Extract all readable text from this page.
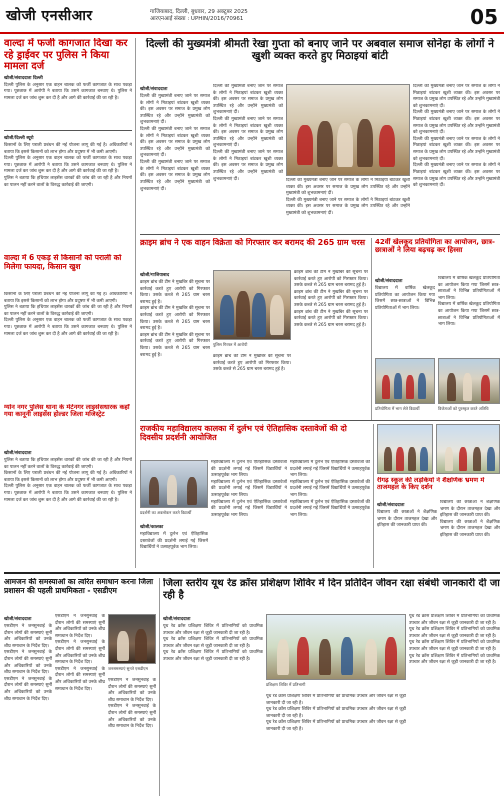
खोजी एनसीआर	गाजियाबाद, दिल्ली, बुधवार, 29 अक्टूबर 2025
आरएनआई संख्या : UPHIN/2016/70961	05
वाल्दा में फर्जी कागजात दिखा कर रहे ड्राईवर पर पुलिस ने किया मामला दर्ज
खोजी/संवाददाता दिल्ली
दिल्ली पुलिस के अनुसार एक वाहन चालक को फर्जी कागजात के साथ पकड़ा गया। पूछताछ में आरोपी ने बताया कि उसने कागजात बनवाए थे। पुलिस ने मामला दर्ज कर जांच शुरू कर दी है और आगे की कार्रवाई की जा रही है।
खोजी/दिल्ली ब्यूरो
किसानों के लिए पराली प्रबंधन की नई योजना लागू की गई है। अधिकारियों ने बताया कि इससे किसानों को लाभ होगा और प्रदूषण में भी कमी आएगी।
दिल्ली पुलिस के अनुसार एक वाहन चालक को फर्जी कागजात के साथ पकड़ा गया। पूछताछ में आरोपी ने बताया कि उसने कागजात बनवाए थे। पुलिस ने मामला दर्ज कर जांच शुरू कर दी है और आगे की कार्रवाई की जा रही है।
पुलिस ने बताया कि हथियार लाइसेंस धारकों की जांच की जा रही है और नियमों का पालन नहीं करने वालों के विरुद्ध कार्रवाई की जाएगी।
वाल्दा में 6 एकड़ से किसानों को पराली को मिलेगा फायदा, किसान खुश
किसानों के लिए पराली प्रबंधन की नई योजना लागू की गई है। अधिकारियों ने बताया कि इससे किसानों को लाभ होगा और प्रदूषण में भी कमी आएगी।
पुलिस ने बताया कि हथियार लाइसेंस धारकों की जांच की जा रही है और नियमों का पालन नहीं करने वालों के विरुद्ध कार्रवाई की जाएगी।
दिल्ली पुलिस के अनुसार एक वाहन चालक को फर्जी कागजात के साथ पकड़ा गया। पूछताछ में आरोपी ने बताया कि उसने कागजात बनवाए थे। पुलिस ने मामला दर्ज कर जांच शुरू कर दी है और आगे की कार्रवाई की जा रही है।
ग्योन नगर पुलिस थाना के मेटेनगर लाइसेंसधारक कहाँ गया कानूनी लाइसेंस होल्डर जिला मजिस्ट्रेट
खोजी/संवाददाता
पुलिस ने बताया कि हथियार लाइसेंस धारकों की जांच की जा रही है और नियमों का पालन नहीं करने वालों के विरुद्ध कार्रवाई की जाएगी।
किसानों के लिए पराली प्रबंधन की नई योजना लागू की गई है। अधिकारियों ने बताया कि इससे किसानों को लाभ होगा और प्रदूषण में भी कमी आएगी।
दिल्ली पुलिस के अनुसार एक वाहन चालक को फर्जी कागजात के साथ पकड़ा गया। पूछताछ में आरोपी ने बताया कि उसने कागजात बनवाए थे। पुलिस ने मामला दर्ज कर जांच शुरू कर दी है और आगे की कार्रवाई की जा रही है।
दिल्ली की मुख्यमंत्री श्रीमती रेखा गुप्ता को बनाए जाने पर अबवाल समाज सोनेहा के लोगों ने खुशी व्यक्त करते हुए मिठाइयां बांटी
खोजी/संवाददाता
दिल्ली की मुख्यमंत्री बनाए जाने पर समाज के लोगों ने मिठाइयां बांटकर खुशी व्यक्त की। इस अवसर पर समाज के प्रमुख लोग उपस्थित रहे और उन्होंने मुख्यमंत्री को शुभकामनाएं दीं।
दिल्ली की मुख्यमंत्री बनाए जाने पर समाज के लोगों ने मिठाइयां बांटकर खुशी व्यक्त की। इस अवसर पर समाज के प्रमुख लोग उपस्थित रहे और उन्होंने मुख्यमंत्री को शुभकामनाएं दीं।
दिल्ली की मुख्यमंत्री बनाए जाने पर समाज के लोगों ने मिठाइयां बांटकर खुशी व्यक्त की। इस अवसर पर समाज के प्रमुख लोग उपस्थित रहे और उन्होंने मुख्यमंत्री को शुभकामनाएं दीं।
दिल्ली की मुख्यमंत्री बनाए जाने पर समाज के लोगों ने मिठाइयां बांटकर खुशी व्यक्त की। इस अवसर पर समाज के प्रमुख लोग उपस्थित रहे और उन्होंने मुख्यमंत्री को शुभकामनाएं दीं।
दिल्ली की मुख्यमंत्री बनाए जाने पर समाज के लोगों ने मिठाइयां बांटकर खुशी व्यक्त की। इस अवसर पर समाज के प्रमुख लोग उपस्थित रहे और उन्होंने मुख्यमंत्री को शुभकामनाएं दीं।
दिल्ली की मुख्यमंत्री बनाए जाने पर समाज के लोगों ने मिठाइयां बांटकर खुशी व्यक्त की। इस अवसर पर समाज के प्रमुख लोग उपस्थित रहे और उन्होंने मुख्यमंत्री को शुभकामनाएं दीं।	दिल्ली की मुख्यमंत्री बनाए जाने पर समाज के लोगों ने मिठाइयां बांटकर खुशी व्यक्त की। इस अवसर पर समाज के प्रमुख लोग उपस्थित रहे और उन्होंने मुख्यमंत्री को शुभकामनाएं दीं।
दिल्ली की मुख्यमंत्री बनाए जाने पर समाज के लोगों ने मिठाइयां बांटकर खुशी व्यक्त की। इस अवसर पर समाज के प्रमुख लोग उपस्थित रहे और उन्होंने मुख्यमंत्री को शुभकामनाएं दीं।
दिल्ली की मुख्यमंत्री बनाए जाने पर समाज के लोगों ने मिठाइयां बांटकर खुशी व्यक्त की। इस अवसर पर समाज के प्रमुख लोग उपस्थित रहे और उन्होंने मुख्यमंत्री को शुभकामनाएं दीं।
दिल्ली की मुख्यमंत्री बनाए जाने पर समाज के लोगों ने मिठाइयां बांटकर खुशी व्यक्त की। इस अवसर पर समाज के प्रमुख लोग उपस्थित रहे और उन्होंने मुख्यमंत्री को शुभकामनाएं दीं।
दिल्ली की मुख्यमंत्री बनाए जाने पर समाज के लोगों ने मिठाइयां बांटकर खुशी व्यक्त की। इस अवसर पर समाज के प्रमुख लोग उपस्थित रहे और उन्होंने मुख्यमंत्री को शुभकामनाएं दीं।
दिल्ली की मुख्यमंत्री बनाए जाने पर समाज के लोगों ने मिठाइयां बांटकर खुशी व्यक्त की। इस अवसर पर समाज के प्रमुख लोग उपस्थित रहे और उन्होंने मुख्यमंत्री को शुभकामनाएं दीं।
क्राइम ब्रांच ने एक वाहन विक्रेता को गिरफ्तार कर बरामद की 265 ग्राम चरस
खोजी/गाजियाबाद
क्राइम ब्रांच की टीम ने मुखबिर की सूचना पर कार्रवाई करते हुए आरोपी को गिरफ्तार किया। उसके कब्जे से 265 ग्राम चरस बरामद हुई है।
क्राइम ब्रांच की टीम ने मुखबिर की सूचना पर कार्रवाई करते हुए आरोपी को गिरफ्तार किया। उसके कब्जे से 265 ग्राम चरस बरामद हुई है।
क्राइम ब्रांच की टीम ने मुखबिर की सूचना पर कार्रवाई करते हुए आरोपी को गिरफ्तार किया। उसके कब्जे से 265 ग्राम चरस बरामद हुई है।
पुलिस गिरफ्त में आरोपी
क्राइम ब्रांच की टीम ने मुखबिर की सूचना पर कार्रवाई करते हुए आरोपी को गिरफ्तार किया। उसके कब्जे से 265 ग्राम चरस बरामद हुई है।
क्राइम ब्रांच की टीम ने मुखबिर की सूचना पर कार्रवाई करते हुए आरोपी को गिरफ्तार किया। उसके कब्जे से 265 ग्राम चरस बरामद हुई है।
क्राइम ब्रांच की टीम ने मुखबिर की सूचना पर कार्रवाई करते हुए आरोपी को गिरफ्तार किया। उसके कब्जे से 265 ग्राम चरस बरामद हुई है।
क्राइम ब्रांच की टीम ने मुखबिर की सूचना पर कार्रवाई करते हुए आरोपी को गिरफ्तार किया। उसके कब्जे से 265 ग्राम चरस बरामद हुई है।
42वीं खेलकूद प्रतियोगिता का आयोजन, छात्र-छात्राओं ने लिया बढ़चढ़ कर हिस्सा
खोजी/संवाददाता
विद्यालय में वार्षिक खेलकूद प्रतियोगिता का आयोजन किया गया जिसमें छात्र-छात्राओं ने विभिन्न प्रतियोगिताओं में भाग लिया।
विद्यालय में वार्षिक खेलकूद प्रतियोगिता का आयोजन किया गया जिसमें छात्र-छात्राओं ने विभिन्न प्रतियोगिताओं में भाग लिया।
विद्यालय में वार्षिक खेलकूद प्रतियोगिता का आयोजन किया गया जिसमें छात्र-छात्राओं ने विभिन्न प्रतियोगिताओं में भाग लिया।
प्रतियोगिता में भाग लेते विद्यार्थी	विजेताओं को पुरस्कृत करते अतिथि
राजकीय महाविद्यालय कालका में दुर्लभ एवं ऐतिहासिक दस्तावेजों की दो दिवसीय प्रदर्शनी आयोजित
प्रदर्शनी का अवलोकन करते विद्यार्थी
खोजी/कालका
महाविद्यालय में दुर्लभ एवं ऐतिहासिक दस्तावेजों की प्रदर्शनी लगाई गई जिसमें विद्यार्थियों ने उत्साहपूर्वक भाग लिया।
महाविद्यालय में दुर्लभ एवं ऐतिहासिक दस्तावेजों की प्रदर्शनी लगाई गई जिसमें विद्यार्थियों ने उत्साहपूर्वक भाग लिया।
महाविद्यालय में दुर्लभ एवं ऐतिहासिक दस्तावेजों की प्रदर्शनी लगाई गई जिसमें विद्यार्थियों ने उत्साहपूर्वक भाग लिया।
महाविद्यालय में दुर्लभ एवं ऐतिहासिक दस्तावेजों की प्रदर्शनी लगाई गई जिसमें विद्यार्थियों ने उत्साहपूर्वक भाग लिया।
महाविद्यालय में दुर्लभ एवं ऐतिहासिक दस्तावेजों की प्रदर्शनी लगाई गई जिसमें विद्यार्थियों ने उत्साहपूर्वक भाग लिया।
महाविद्यालय में दुर्लभ एवं ऐतिहासिक दस्तावेजों की प्रदर्शनी लगाई गई जिसमें विद्यार्थियों ने उत्साहपूर्वक भाग लिया।
महाविद्यालय में दुर्लभ एवं ऐतिहासिक दस्तावेजों की प्रदर्शनी लगाई गई जिसमें विद्यार्थियों ने उत्साहपूर्वक भाग लिया।
रींगढ़ स्कूल की लड़कियों ने शैक्षणिक भ्रमण में ताजमहल के किए दर्शन
खोजी/संवाददाता
विद्यालय की छात्राओं ने शैक्षणिक भ्रमण के दौरान ताजमहल देखा और इतिहास की जानकारी प्राप्त की।
विद्यालय की छात्राओं ने शैक्षणिक भ्रमण के दौरान ताजमहल देखा और इतिहास की जानकारी प्राप्त की।
विद्यालय की छात्राओं ने शैक्षणिक भ्रमण के दौरान ताजमहल देखा और इतिहास की जानकारी प्राप्त की।
आमजन की समस्याओं का त्वरित समाधान करना जिला प्रशासन की पहली प्राथमिकता - एसडीएम
खोजी/संवाददाता
एसडीएम ने जनसुनवाई के दौरान लोगों की समस्याएं सुनीं और अधिकारियों को उनके शीघ्र समाधान के निर्देश दिए।
एसडीएम ने जनसुनवाई के दौरान लोगों की समस्याएं सुनीं और अधिकारियों को उनके शीघ्र समाधान के निर्देश दिए।
एसडीएम ने जनसुनवाई के दौरान लोगों की समस्याएं सुनीं और अधिकारियों को उनके शीघ्र समाधान के निर्देश दिए।
एसडीएम ने जनसुनवाई के दौरान लोगों की समस्याएं सुनीं और अधिकारियों को उनके शीघ्र समाधान के निर्देश दिए।
एसडीएम ने जनसुनवाई के दौरान लोगों की समस्याएं सुनीं और अधिकारियों को उनके शीघ्र समाधान के निर्देश दिए।
एसडीएम ने जनसुनवाई के दौरान लोगों की समस्याएं सुनीं और अधिकारियों को उनके शीघ्र समाधान के निर्देश दिए।
जनसमस्याएं सुनते एसडीएम
एसडीएम ने जनसुनवाई के दौरान लोगों की समस्याएं सुनीं और अधिकारियों को उनके शीघ्र समाधान के निर्देश दिए।
एसडीएम ने जनसुनवाई के दौरान लोगों की समस्याएं सुनीं और अधिकारियों को उनके शीघ्र समाधान के निर्देश दिए।
जिला स्तरीय यूथ रेड क्रॉस प्रशिक्षण शिविर में दिन प्रतिदिन जीवन रक्षा संबंधी जानकारी दी जा रही है
खोजी/संवाददाता
यूथ रेड क्रॉस प्रशिक्षण शिविर में प्रतिभागियों को प्राथमिक उपचार और जीवन रक्षा से जुड़ी जानकारी दी जा रही है।
यूथ रेड क्रॉस प्रशिक्षण शिविर में प्रतिभागियों को प्राथमिक उपचार और जीवन रक्षा से जुड़ी जानकारी दी जा रही है।
यूथ रेड क्रॉस प्रशिक्षण शिविर में प्रतिभागियों को प्राथमिक उपचार और जीवन रक्षा से जुड़ी जानकारी दी जा रही है।
प्रशिक्षण शिविर में प्रतिभागी
यूथ रेड क्रॉस प्रशिक्षण शिविर में प्रतिभागियों को प्राथमिक उपचार और जीवन रक्षा से जुड़ी जानकारी दी जा रही है।
यूथ रेड क्रॉस प्रशिक्षण शिविर में प्रतिभागियों को प्राथमिक उपचार और जीवन रक्षा से जुड़ी जानकारी दी जा रही है।
यूथ रेड क्रॉस प्रशिक्षण शिविर में प्रतिभागियों को प्राथमिक उपचार और जीवन रक्षा से जुड़ी जानकारी दी जा रही है।
यूथ रेड क्रॉस प्रशिक्षण शिविर में प्रतिभागियों को प्राथमिक उपचार और जीवन रक्षा से जुड़ी जानकारी दी जा रही है।
यूथ रेड क्रॉस प्रशिक्षण शिविर में प्रतिभागियों को प्राथमिक उपचार और जीवन रक्षा से जुड़ी जानकारी दी जा रही है।
यूथ रेड क्रॉस प्रशिक्षण शिविर में प्रतिभागियों को प्राथमिक उपचार और जीवन रक्षा से जुड़ी जानकारी दी जा रही है।
यूथ रेड क्रॉस प्रशिक्षण शिविर में प्रतिभागियों को प्राथमिक उपचार और जीवन रक्षा से जुड़ी जानकारी दी जा रही है।
